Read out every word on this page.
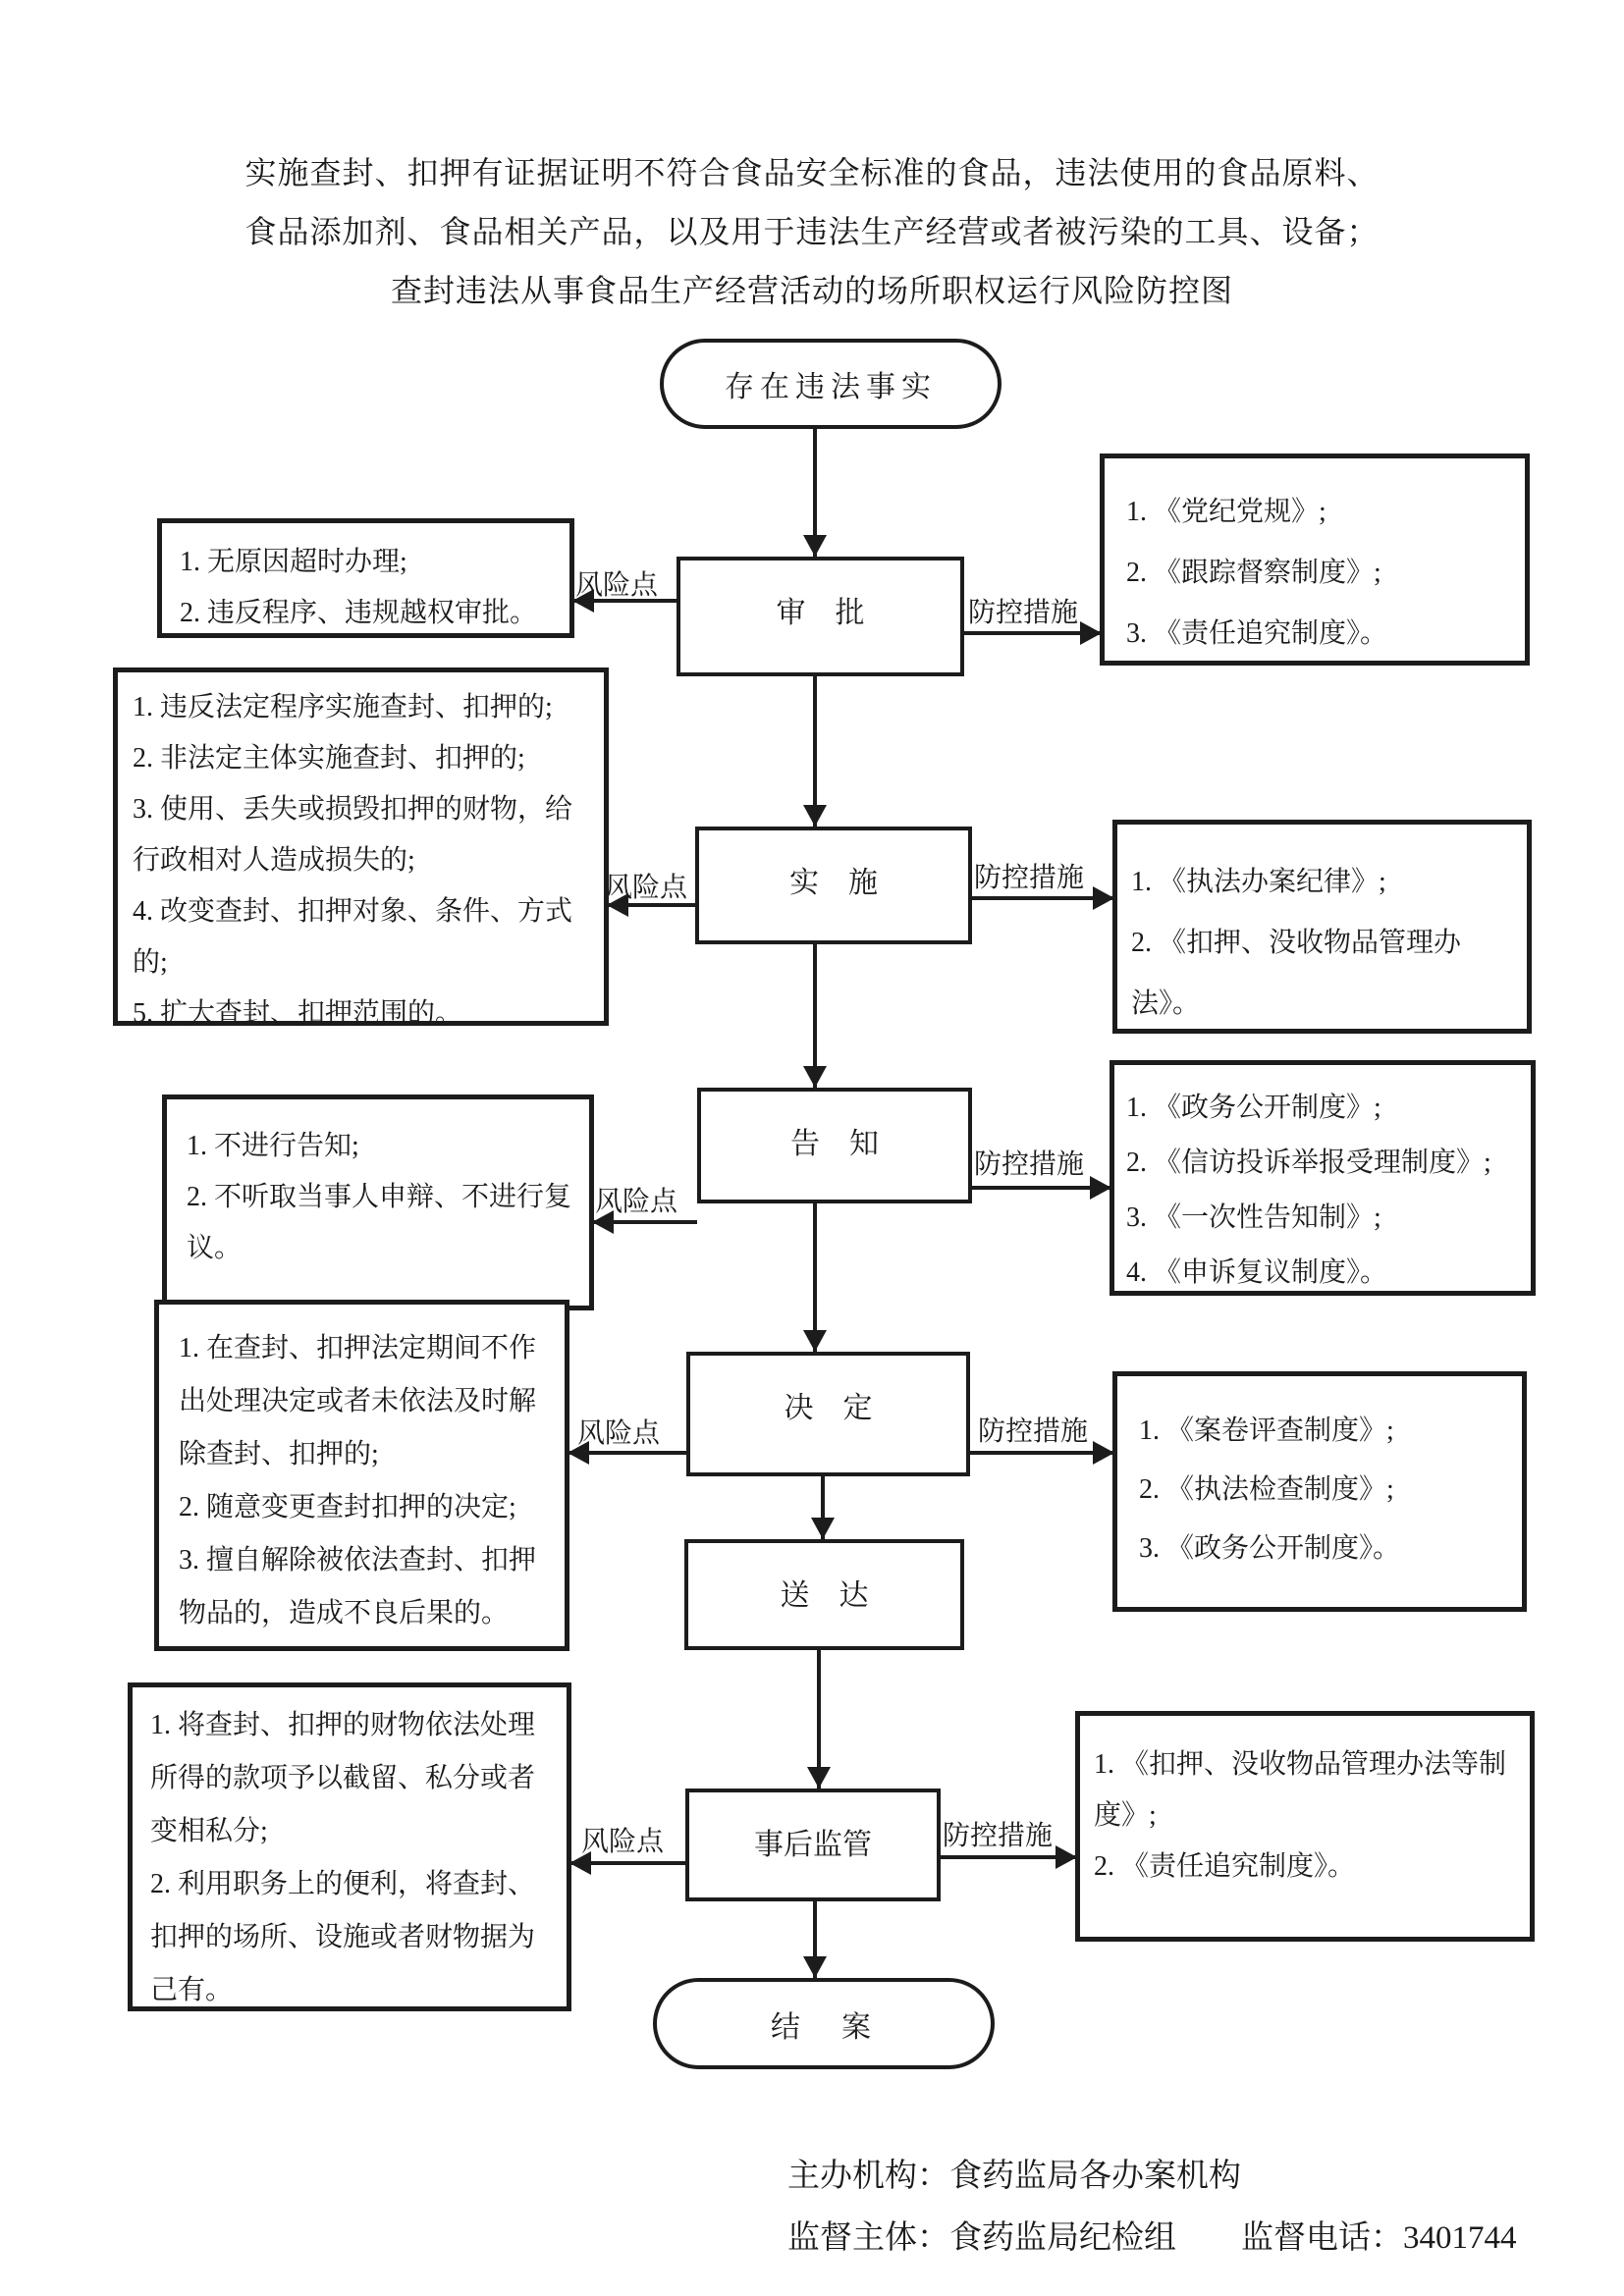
实施查封、扣押有证据证明不符合食品安全标准的食品，违法使用的食品原料、
食品添加剂、食品相关产品，以及用于违法生产经营或者被污染的工具、设备；
查封违法从事食品生产经营活动的场所职权运行风险防控图
存在违法事实
审　批
实　施
告　知
决　定
送　达
事后监管
1. 无原因超时办理;
2. 违反程序、违规越权审批。
1. 违反法定程序实施查封、扣押的;
2. 非法定主体实施查封、扣押的;
3. 使用、丢失或损毁扣押的财物，给行政相对人造成损失的;
4. 改变查封、扣押对象、条件、方式的;
5. 扩大查封、扣押范围的。
1. 不进行告知;
2. 不听取当事人申辩、不进行复议。
1. 在查封、扣押法定期间不作出处理决定或者未依法及时解除查封、扣押的;
2. 随意变更查封扣押的决定;
3. 擅自解除被依法查封、扣押物品的，造成不良后果的。
1. 将查封、扣押的财物依法处理所得的款项予以截留、私分或者变相私分;
2. 利用职务上的便利，将查封、扣押的场所、设施或者财物据为己有。
1. 《党纪党规》;
2. 《跟踪督察制度》;
3. 《责任追究制度》。
1. 《执法办案纪律》;
2. 《扣押、没收物品管理办法》。
1. 《政务公开制度》;
2. 《信访投诉举报受理制度》;
3. 《一次性告知制》;
4. 《申诉复议制度》。
1. 《案卷评查制度》;
2. 《执法检查制度》;
3. 《政务公开制度》。
1. 《扣押、没收物品管理办法等制度》;
2. 《责任追究制度》。
风险点
风险点
风险点
风险点
风险点
防控措施
防控措施
防控措施
防控措施
防控措施
结　案
主办机构：食药监局各办案机构
监督主体：食药监局纪检组　　监督电话：3401744
